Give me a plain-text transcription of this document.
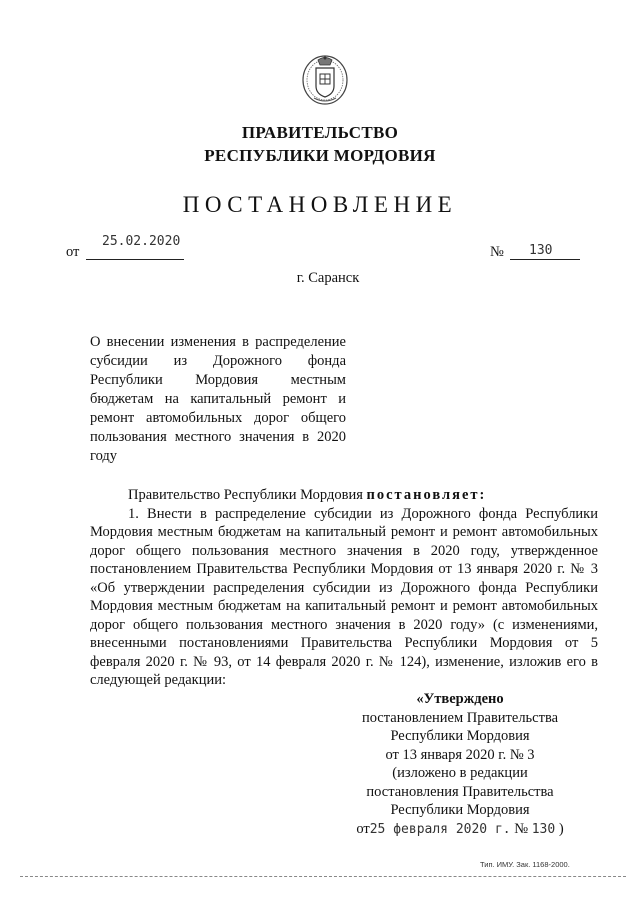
ПРАВИТЕЛЬСТВО
РЕСПУБЛИКИ МОРДОВИЯ
ПОСТАНОВЛЕНИЕ
от
25.02.2020
№ 130
г. Саранск
О внесении изменения в распределение субсидии из Дорожного фонда Республики Мордовия местным бюджетам на капитальный ремонт и ремонт автомобильных дорог общего пользования местного значения в 2020 году

Правительство Республики Мордовия постановляет:

1. Внести в распределение субсидии из Дорожного фонда Республики Мордовия местным бюджетам на капитальный ремонт и ремонт автомобильных дорог общего пользования местного значения в 2020 году, утвержденное постановлением Правительства Республики Мордовия от 13 января 2020 г. № 3 «Об утверждении распределения субсидии из Дорожного фонда Республики Мордовия местным бюджетам на капитальный ремонт и ремонт автомобильных дорог общего пользования местного значения в 2020 году» (с изменениями, внесенными постановлениями Правительства Республики Мордовия от 5 февраля 2020 г. № 93, от 14 февраля 2020 г. № 124), изменение, изложив его в следующей редакции:

«Утверждено
постановлением Правительства
Республики Мордовия
от 13 января 2020 г. № 3
(изложено в редакции
постановления Правительства
Республики Мордовия
от25 февраля 2020 г. № 130 )
Тип. ИМУ. Зак. 1168-2000.
